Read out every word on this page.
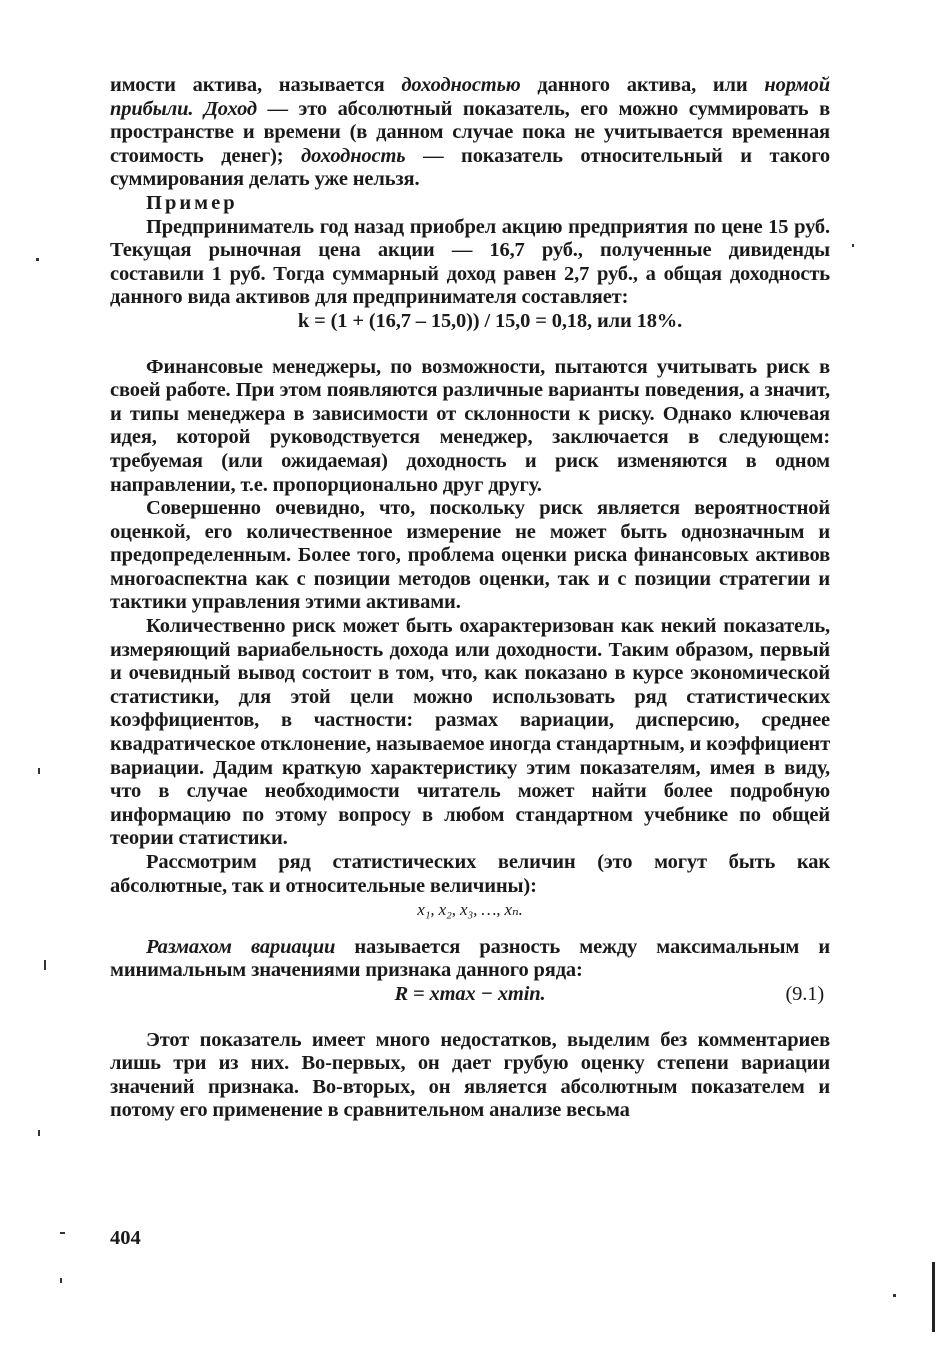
имости актива, называется доходностью данного актива, или нормой прибыли. Доход — это абсолютный показатель, его можно суммировать в пространстве и времени (в данном случае пока не учитывается временная стоимость денег); доходность — показатель относительный и такого суммирования делать уже нельзя.

Пример

Предприниматель год назад приобрел акцию предприятия по цене 15 руб. Текущая рыночная цена акции — 16,7 руб., полученные дивиденды составили 1 руб. Тогда суммарный доход равен 2,7 руб., а общая доходность данного вида активов для предпринимателя составляет:

k = (1 + (16,7 – 15,0)) / 15,0 = 0,18, или 18%.

Финансовые менеджеры, по возможности, пытаются учитывать риск в своей работе. При этом появляются различные варианты поведения, а значит, и типы менеджера в зависимости от склонности к риску. Однако ключевая идея, которой руководствуется менеджер, заключается в следующем: требуемая (или ожидаемая) доходность и риск изменяются в одном направлении, т.е. пропорционально друг другу.

Совершенно очевидно, что, поскольку риск является вероятностной оценкой, его количественное измерение не может быть однозначным и предопределенным. Более того, проблема оценки риска финансовых активов многоаспектна как с позиции методов оценки, так и с позиции стратегии и тактики управления этими активами.

Количественно риск может быть охарактеризован как некий показатель, измеряющий вариабельность дохода или доходности. Таким образом, первый и очевидный вывод состоит в том, что, как показано в курсе экономической статистики, для этой цели можно использовать ряд статистических коэффициентов, в частности: размах вариации, дисперсию, среднее квадратическое отклонение, называемое иногда стандартным, и коэффициент вариации. Дадим краткую характеристику этим показателям, имея в виду, что в случае необходимости читатель может найти более подробную информацию по этому вопросу в любом стандартном учебнике по общей теории статистики.

Рассмотрим ряд статистических величин (это могут быть как абсолютные, так и относительные величины):

x₁, x₂, x₃, …, xₙ.

Размахом вариации называется разность между максимальным и минимальным значениями признака данного ряда:

R = xmax − xmin.	(9.1)

Этот показатель имеет много недостатков, выделим без комментариев лишь три из них. Во-первых, он дает грубую оценку степени вариации значений признака. Во-вторых, он является абсолютным показателем и потому его применение в сравнительном анализе весьма

404
